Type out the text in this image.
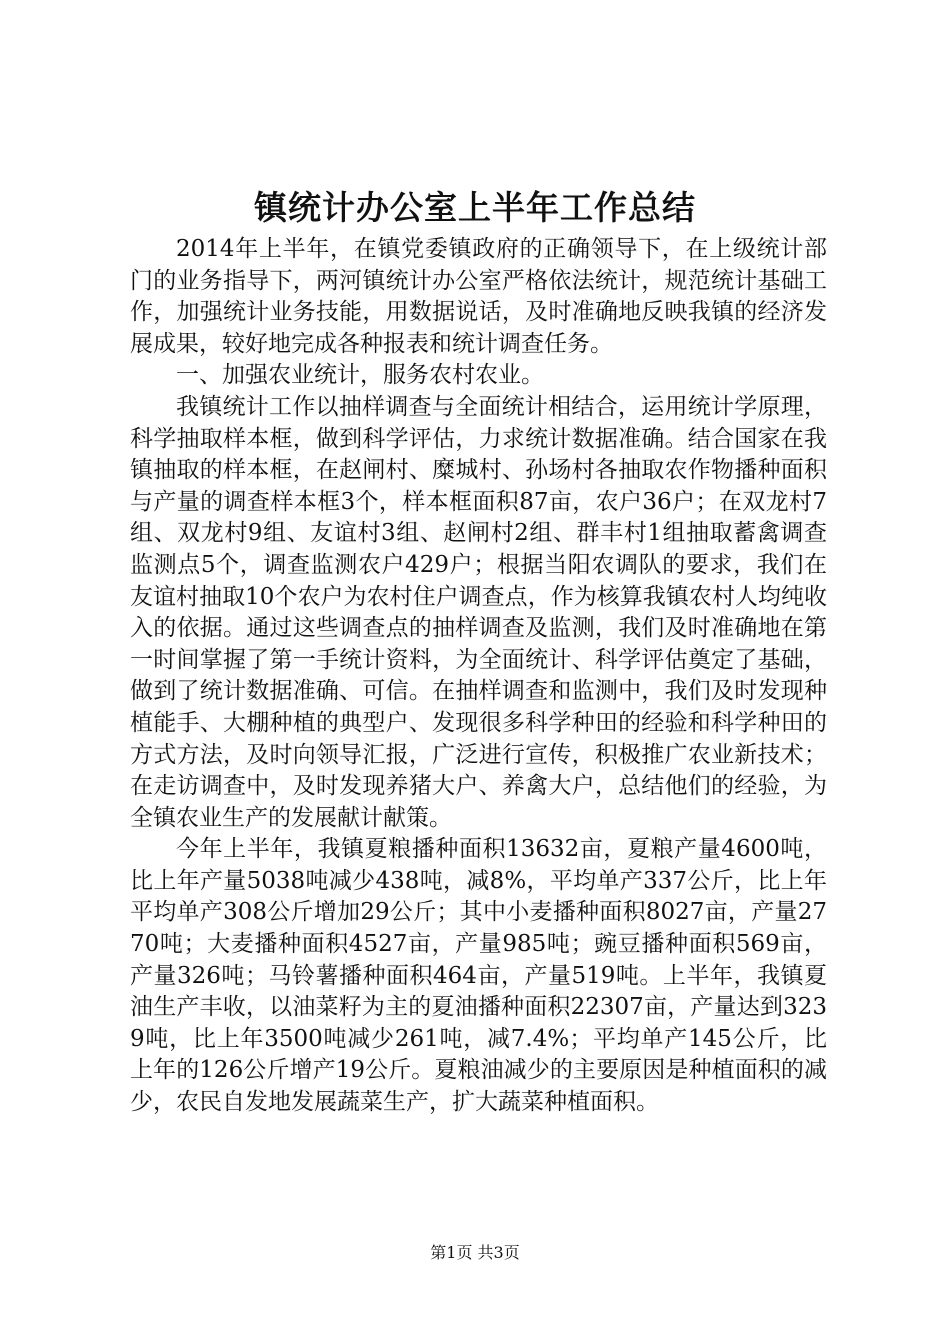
镇统计办公室上半年工作总结

2014年上半年，在镇党委镇政府的正确领导下，在上级统计部门的业务指导下，两河镇统计办公室严格依法统计，规范统计基础工作，加强统计业务技能，用数据说话，及时准确地反映我镇的经济发展成果，较好地完成各种报表和统计调查任务。

一、加强农业统计，服务农村农业。

我镇统计工作以抽样调查与全面统计相结合，运用统计学原理，科学抽取样本框，做到科学评估，力求统计数据准确。结合国家在我镇抽取的样本框，在赵闸村、糜城村、孙场村各抽取农作物播种面积与产量的调查样本框3个，样本框面积87亩，农户36户；在双龙村7组、双龙村9组、友谊村3组、赵闸村2组、群丰村1组抽取蓄禽调查监测点5个，调查监测农户429户；根据当阳农调队的要求，我们在友谊村抽取10个农户为农村住户调查点，作为核算我镇农村人均纯收入的依据。通过这些调查点的抽样调查及监测，我们及时准确地在第一时间掌握了第一手统计资料，为全面统计、科学评估奠定了基础，做到了统计数据准确、可信。在抽样调查和监测中，我们及时发现种植能手、大棚种植的典型户、发现很多科学种田的经验和科学种田的方式方法，及时向领导汇报，广泛进行宣传，积极推广农业新技术；在走访调查中，及时发现养猪大户、养禽大户，总结他们的经验，为全镇农业生产的发展献计献策。

今年上半年，我镇夏粮播种面积13632亩，夏粮产量4600吨，比上年产量5038吨减少438吨，减8%，平均单产337公斤，比上年平均单产308公斤增加29公斤；其中小麦播种面积8027亩，产量2770吨；大麦播种面积4527亩，产量985吨；豌豆播种面积569亩，产量326吨；马铃薯播种面积464亩，产量519吨。上半年，我镇夏油生产丰收，以油菜籽为主的夏油播种面积22307亩，产量达到3239吨，比上年3500吨减少261吨，减7.4%；平均单产145公斤，比上年的126公斤增产19公斤。夏粮油减少的主要原因是种植面积的减少，农民自发地发展蔬菜生产，扩大蔬菜种植面积。

第1页 共3页
